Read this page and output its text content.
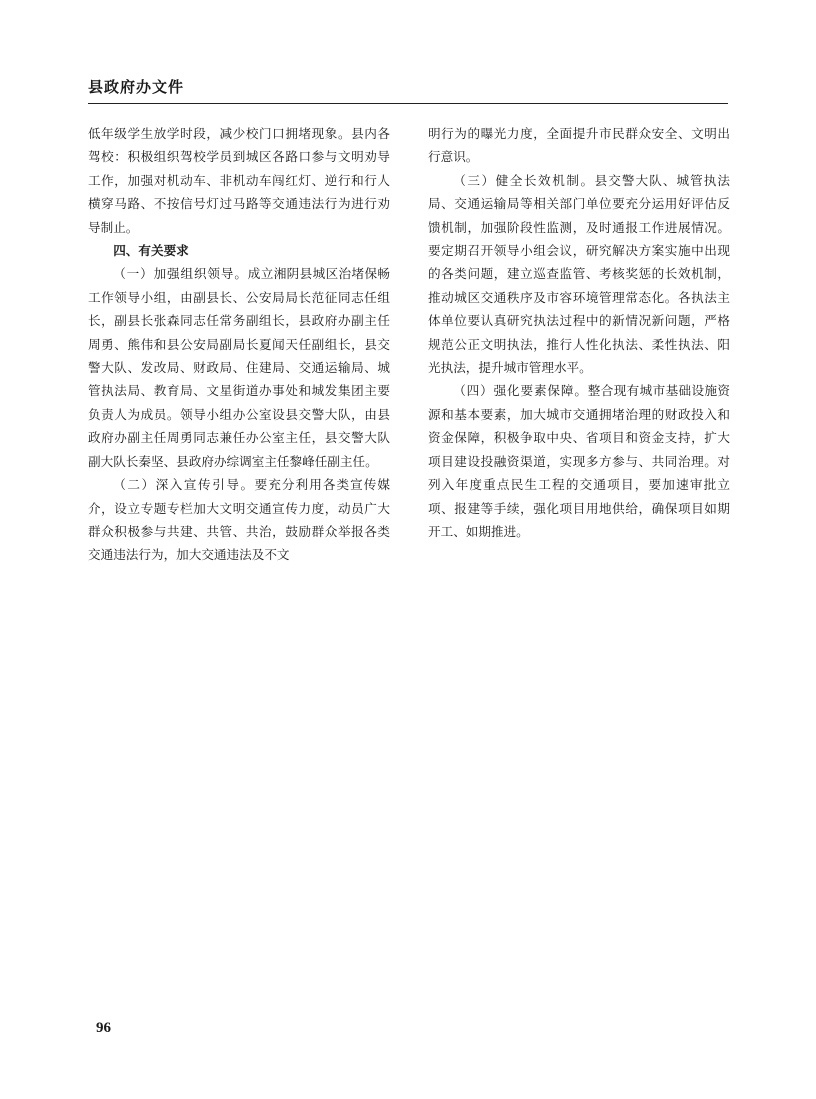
县政府办文件

低年级学生放学时段，减少校门口拥堵现象。县内各驾校：积极组织驾校学员到城区各路口参与文明劝导工作，加强对机动车、非机动车闯红灯、逆行和行人横穿马路、不按信号灯过马路等交通违法行为进行劝导制止。

四、有关要求

（一）加强组织领导。成立湘阴县城区治堵保畅工作领导小组，由副县长、公安局局长范征同志任组长，副县长张森同志任常务副组长，县政府办副主任周勇、熊伟和县公安局副局长夏闻天任副组长，县交警大队、发改局、财政局、住建局、交通运输局、城管执法局、教育局、文星街道办事处和城发集团主要负责人为成员。领导小组办公室设县交警大队，由县政府办副主任周勇同志兼任办公室主任，县交警大队副大队长秦坚、县政府办综调室主任黎峰任副主任。

（二）深入宣传引导。要充分利用各类宣传媒介，设立专题专栏加大文明交通宣传力度，动员广大群众积极参与共建、共管、共治，鼓励群众举报各类交通违法行为，加大交通违法及不文

明行为的曝光力度，全面提升市民群众安全、文明出行意识。

（三）健全长效机制。县交警大队、城管执法局、交通运输局等相关部门单位要充分运用好评估反馈机制，加强阶段性监测，及时通报工作进展情况。要定期召开领导小组会议，研究解决方案实施中出现的各类问题，建立巡查监管、考核奖惩的长效机制，推动城区交通秩序及市容环境管理常态化。各执法主体单位要认真研究执法过程中的新情况新问题，严格规范公正文明执法，推行人性化执法、柔性执法、阳光执法，提升城市管理水平。

（四）强化要素保障。整合现有城市基础设施资源和基本要素，加大城市交通拥堵治理的财政投入和资金保障，积极争取中央、省项目和资金支持，扩大项目建设投融资渠道，实现多方参与、共同治理。对列入年度重点民生工程的交通项目，要加速审批立项、报建等手续，强化项目用地供给，确保项目如期开工、如期推进。

96
